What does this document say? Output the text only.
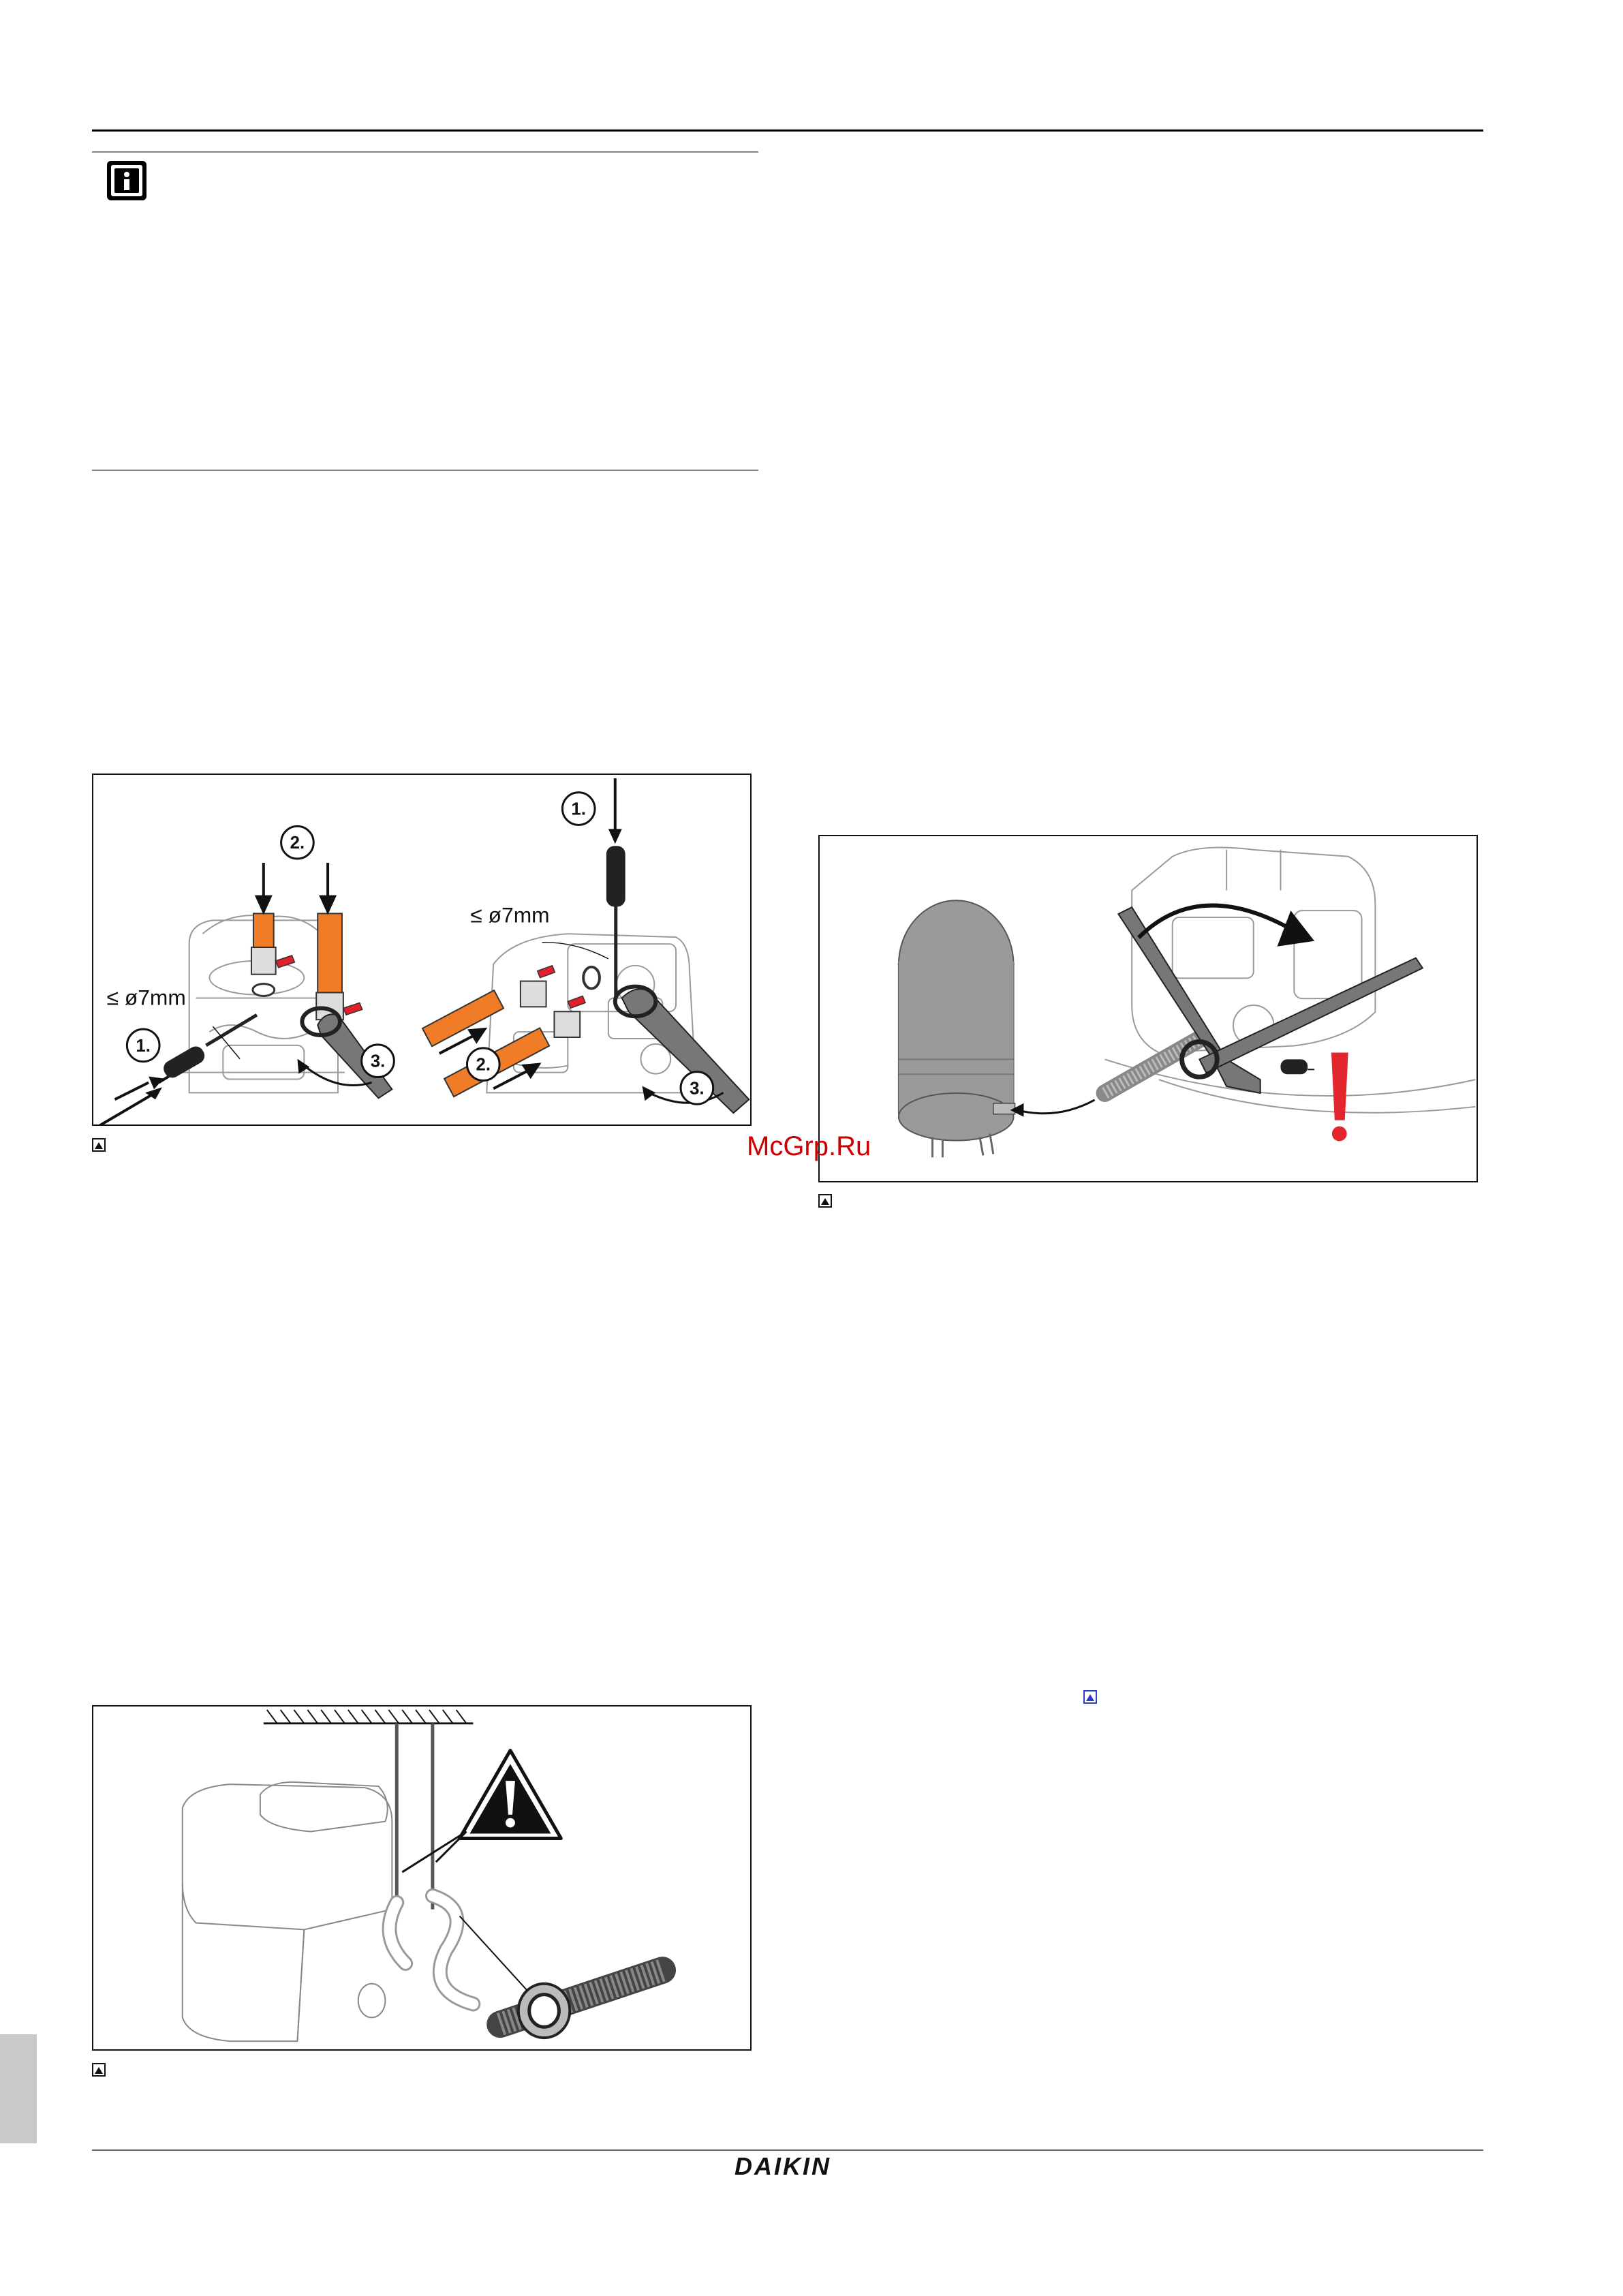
2.
1.
3.
1.
2.
3.
≤ ø7mm
≤ ø7mm
!
McGrp.Ru
DAIKIN
